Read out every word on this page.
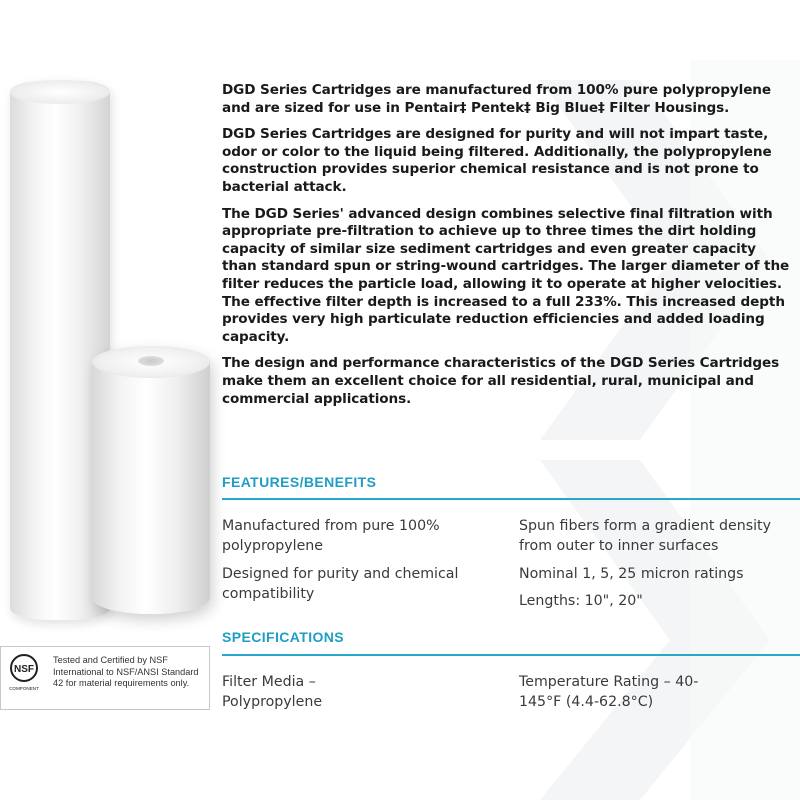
NSF
COMPONENT
Tested and Certified by NSF International to NSF/ANSI Standard 42 for material requirements only.

DGD Series Cartridges are manufactured from 100% pure polypropylene and are sized for use in Pentair‡ Pentek‡ Big Blue‡ Filter Housings.

DGD Series Cartridges are designed for purity and will not impart taste, odor or color to the liquid being filtered. Additionally, the polypropylene construction provides superior chemical resistance and is not prone to bacterial attack.

The DGD Series' advanced design combines selective final filtration with appropriate pre-filtration to achieve up to three times the dirt holding capacity of similar size sediment cartridges and even greater capacity than standard spun or string-wound cartridges. The larger diameter of the filter reduces the particle load, allowing it to operate at higher velocities. The effective filter depth is increased to a full 233%. This increased depth provides very high particulate reduction efficiencies and added loading capacity.

The design and performance characteristics of the DGD Series Cartridges make them an excellent choice for all residential, rural, municipal and commercial applications.

FEATURES/BENEFITS
Manufactured from pure 100% polypropylene
Designed for purity and chemical compatibility
Spun fibers form a gradient density from outer to inner surfaces
Nominal 1, 5, 25 micron ratings
Lengths: 10", 20"
SPECIFICATIONS
Filter Media – Polypropylene
Temperature Rating – 40-145°F (4.4-62.8°C)
